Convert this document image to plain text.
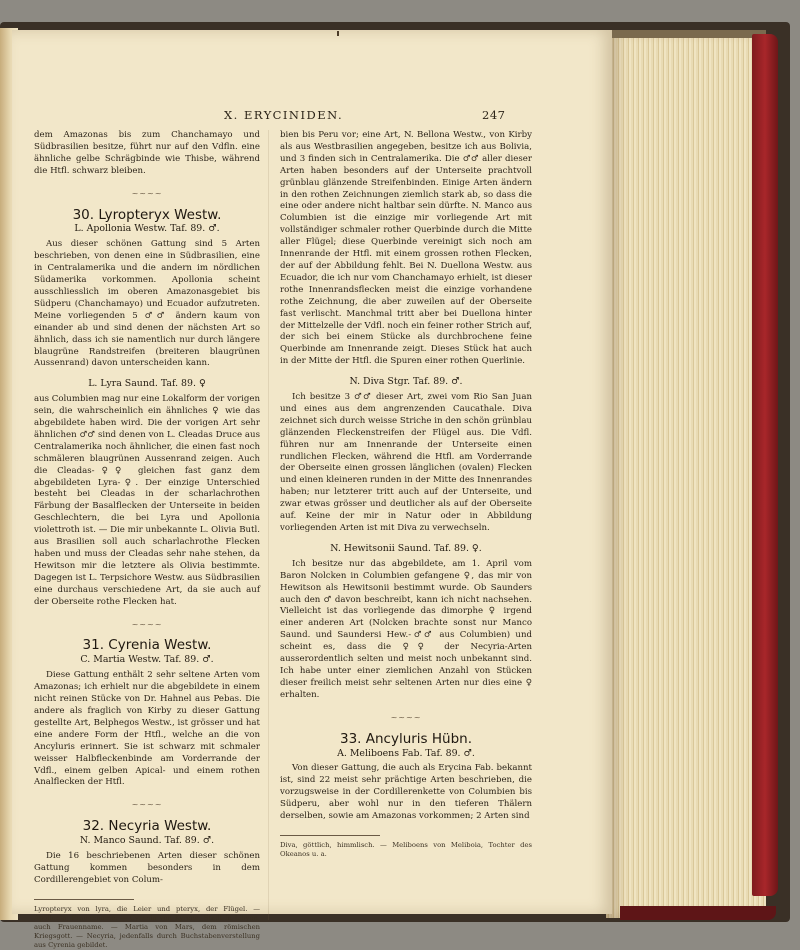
X. ERYCINIDEN.	247

dem Amazonas bis zum Chanchamayo und Südbrasilien besitze, führt nur auf den Vdfln. eine ähnliche gelbe Schrägbinde wie Thisbe, während die Htfl. schwarz bleiben.

~~~~
30. Lyropteryx Westw.
L. Apollonia Westw. Taf. 89. ♂.

Aus dieser schönen Gattung sind 5 Arten beschrieben, von denen eine in Südbrasilien, eine in Centralamerika und die andern im nördlichen Südamerika vorkommen. Apollonia scheint ausschliesslich im oberen Amazonasgebiet bis Südperu (Chanchamayo) und Ecuador aufzutreten. Meine vorliegenden 5 ♂♂ ändern kaum von einander ab und sind denen der nächsten Art so ähnlich, dass ich sie namentlich nur durch längere blaugrüne Randstreifen (breiteren blaugrünen Aussenrand) davon unterscheiden kann.

L. Lyra Saund. Taf. 89. ♀

aus Columbien mag nur eine Lokalform der vorigen sein, die wahrscheinlich ein ähnliches ♀ wie das abgebildete haben wird. Die der vorigen Art sehr ähnlichen ♂♂ sind denen von L. Cleadas Druce aus Centralamerika noch ähnlicher, die einen fast noch schmäleren blaugrünen Aussenrand zeigen. Auch die Cleadas-♀♀ gleichen fast ganz dem abgebildeten Lyra-♀. Der einzige Unterschied besteht bei Cleadas in der scharlachrothen Färbung der Basalflecken der Unterseite in beiden Geschlechtern, die bei Lyra und Apollonia violettroth ist. — Die mir unbekannte L. Olivia Butl. aus Brasilien soll auch scharlachrothe Flecken haben und muss der Cleadas sehr nahe stehen, da Hewitson mir die letztere als Olivia bestimmte. Dagegen ist L. Terpsichore Westw. aus Südbrasilien eine durchaus verschiedene Art, da sie auch auf der Oberseite rothe Flecken hat.

~~~~
31. Cyrenia Westw.
C. Martia Westw. Taf. 89. ♂.

Diese Gattung enthält 2 sehr seltene Arten vom Amazonas; ich erhielt nur die abgebildete in einem nicht reinen Stücke von Dr. Hahnel aus Pebas. Die andere als fraglich von Kirby zu dieser Gattung gestellte Art, Belphegos Westw., ist grösser und hat eine andere Form der Htfl., welche an die von Ancyluris erinnert. Sie ist schwarz mit schmaler weisser Halbfleckenbinde am Vorderrande der Vdfl., einem gelben Apical- und einem rothen Analflecken der Htfl.

~~~~
32. Necyria Westw.
N. Manco Saund. Taf. 89. ♂.

Die 16 beschriebenen Arten dieser schönen Gattung kommen besonders in dem Cordillerengebiet von Colum-

Lyropteryx von lyra, die Leier und pteryx, der Flügel. — Apollonia, Frauenname. — Cyrenia von Kyrene, Stadt in Libyen, auch Frauenname. — Martia von Mars, dem römischen Kriegsgott. — Necyria, jedenfalls durch Buchstabenverstellung aus Cyrenia gebildet.

bien bis Peru vor; eine Art, N. Bellona Westw., von Kirby als aus Westbrasilien angegeben, besitze ich aus Bolivia, und 3 finden sich in Centralamerika. Die ♂♂ aller dieser Arten haben besonders auf der Unterseite prachtvoll grünblau glänzende Streifenbinden. Einige Arten ändern in den rothen Zeichnungen ziemlich stark ab, so dass die eine oder andere nicht haltbar sein dürfte. N. Manco aus Columbien ist die einzige mir vorliegende Art mit vollständiger schmaler rother Querbinde durch die Mitte aller Flügel; diese Querbinde vereinigt sich noch am Innenrande der Htfl. mit einem grossen rothen Flecken, der auf der Abbildung fehlt. Bei N. Duellona Westw. aus Ecuador, die ich nur vom Chanchamayo erhielt, ist dieser rothe Innenrandsflecken meist die einzige vorhandene rothe Zeichnung, die aber zuweilen auf der Oberseite fast verlischt. Manchmal tritt aber bei Duellona hinter der Mittelzelle der Vdfl. noch ein feiner rother Strich auf, der sich bei einem Stücke als durchbrochene feine Querbinde am Innenrande zeigt. Dieses Stück hat auch in der Mitte der Htfl. die Spuren einer rothen Querlinie.

N. Diva Stgr. Taf. 89. ♂.

Ich besitze 3 ♂♂ dieser Art, zwei vom Rio San Juan und eines aus dem angrenzenden Caucathale. Diva zeichnet sich durch weisse Striche in den schön grünblau glänzenden Fleckenstreifen der Flügel aus. Die Vdfl. führen nur am Innenrande der Unterseite einen rundlichen Flecken, während die Htfl. am Vorderrande der Oberseite einen grossen länglichen (ovalen) Flecken und einen kleineren runden in der Mitte des Innenrandes haben; nur letzterer tritt auch auf der Unterseite, und zwar etwas grösser und deutlicher als auf der Oberseite auf. Keine der mir in Natur oder in Abbildung vorliegenden Arten ist mit Diva zu verwechseln.

N. Hewitsonii Saund. Taf. 89. ♀.

Ich besitze nur das abgebildete, am 1. April vom Baron Nolcken in Columbien gefangene ♀, das mir von Hewitson als Hewitsonii bestimmt wurde. Ob Saunders auch den ♂ davon beschreibt, kann ich nicht nachsehen. Vielleicht ist das vorliegende das dimorphe ♀ irgend einer anderen Art (Nolcken brachte sonst nur Manco Saund. und Saundersi Hew.-♂♂ aus Columbien) und scheint es, dass die ♀♀ der Necyria-Arten ausserordentlich selten und meist noch unbekannt sind. Ich habe unter einer ziemlichen Anzahl von Stücken dieser freilich meist sehr seltenen Arten nur dies eine ♀ erhalten.

~~~~
33. Ancyluris Hübn.
A. Meliboens Fab. Taf. 89. ♂.

Von dieser Gattung, die auch als Erycina Fab. bekannt ist, sind 22 meist sehr prächtige Arten beschrieben, die vorzugsweise in der Cordillerenkette von Columbien bis Südperu, aber wohl nur in den tieferen Thälern derselben, sowie am Amazonas vorkommen; 2 Arten sind

Diva, göttlich, himmlisch. — Meliboens von Meliboia, Tochter des Okeanos u. a.
